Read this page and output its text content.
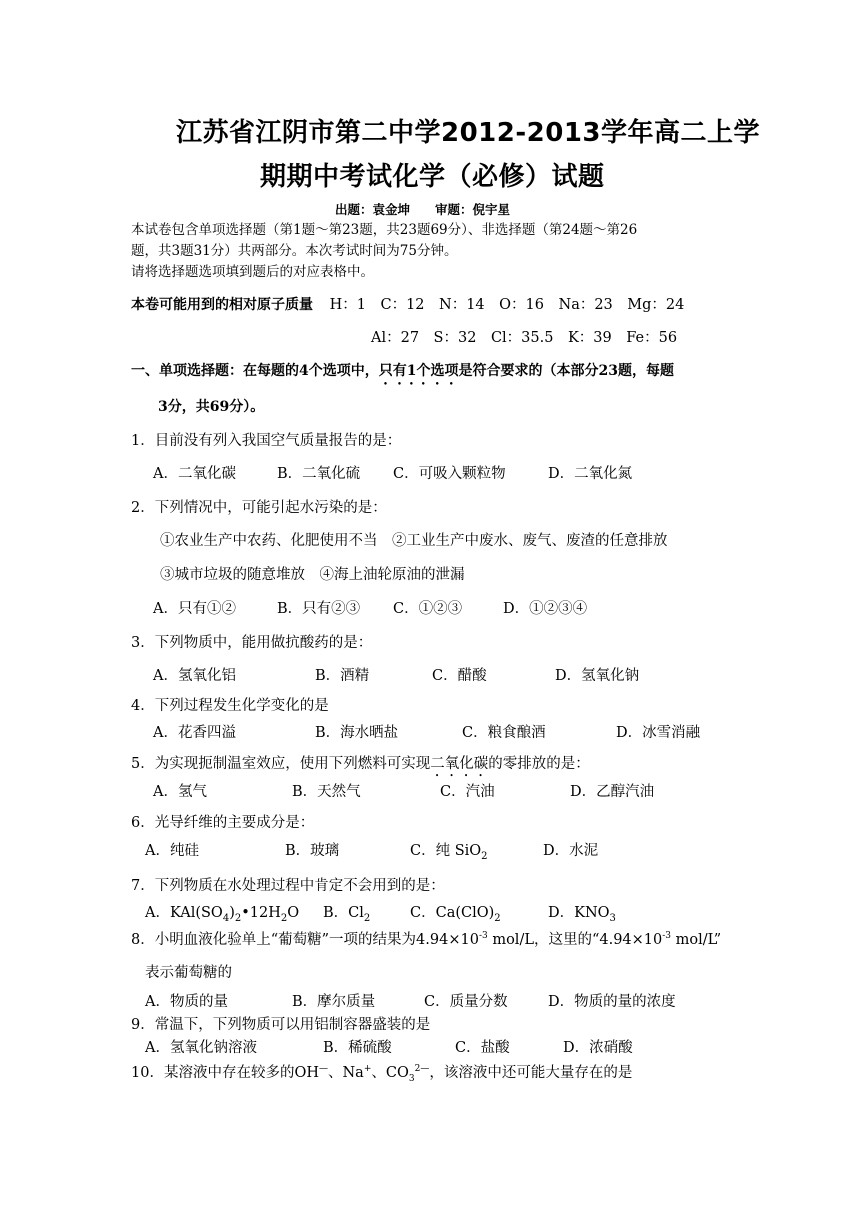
江苏省江阴市第二中学2012-2013学年高二上学
期期中考试化学（必修）试题
出题：袁金坤　　审题：倪宇星
本试卷包含单项选择题（第1题～第23题，共23题69分）、非选择题（第24题～第26
题，共3题31分）共两部分。本次考试时间为75分钟。
请将选择题选项填到题后的对应表格中。
本卷可能用到的相对原子质量 H：1　C：12　N：14　O：16　Na：23　Mg：24
Al：27　S：32　Cl：35.5　K：39　Fe：56
一、单项选择题：在每题的4个选项中，只有1个选项是符合要求的（本部分23题，每题
3分，共69分）。
1．目前没有列入我国空气质量报告的是：
A．二氧化碳	B．二氧化硫 C．可吸入颗粒物	D．二氧化氮
2．下列情况中，可能引起水污染的是：
①农业生产中农药、化肥使用不当　②工业生产中废水、废气、废渣的任意排放
③城市垃圾的随意堆放　④海上油轮原油的泄漏
A．只有①②	B．只有②③ C．①②③	D．①②③④
3．下列物质中，能用做抗酸药的是：
A．氢氧化铝	B．酒精	C．醋酸	D．氢氧化钠
4．下列过程发生化学变化的是
A．花香四溢	B．海水晒盐	C．粮食酿酒	D．冰雪消融
5．为实现扼制温室效应，使用下列燃料可实现二氧化碳的零排放的是：
A．氢气	B．天然气	C．汽油	D．乙醇汽油
6．光导纤维的主要成分是：
A．纯硅	B．玻璃	C．纯 SiO$_2$	D．水泥
7．下列物质在水处理过程中肯定不会用到的是：
A．$KAl(SO_4)_2•12H_2O$ B．$Cl_2$	C．$Ca(ClO)_2$	D．$KNO_3$
8．小明血液化验单上“葡萄糖”一项的结果为$4.94\times 10^{-3}$ mol/L，这里的“$4.94\times 10^{-3}$ mol/L”
表示葡萄糖的
A．物质的量	B．摩尔质量	C．质量分数	D．物质的量的浓度
9．常温下，下列物质可以用铝制容器盛装的是
A．氢氧化钠溶液	B．稀硫酸	C．盐酸	D．浓硝酸
10．某溶液中存在较多的OH—、Na+、$CO_3^{2—}$，该溶液中还可能大量存在的是
